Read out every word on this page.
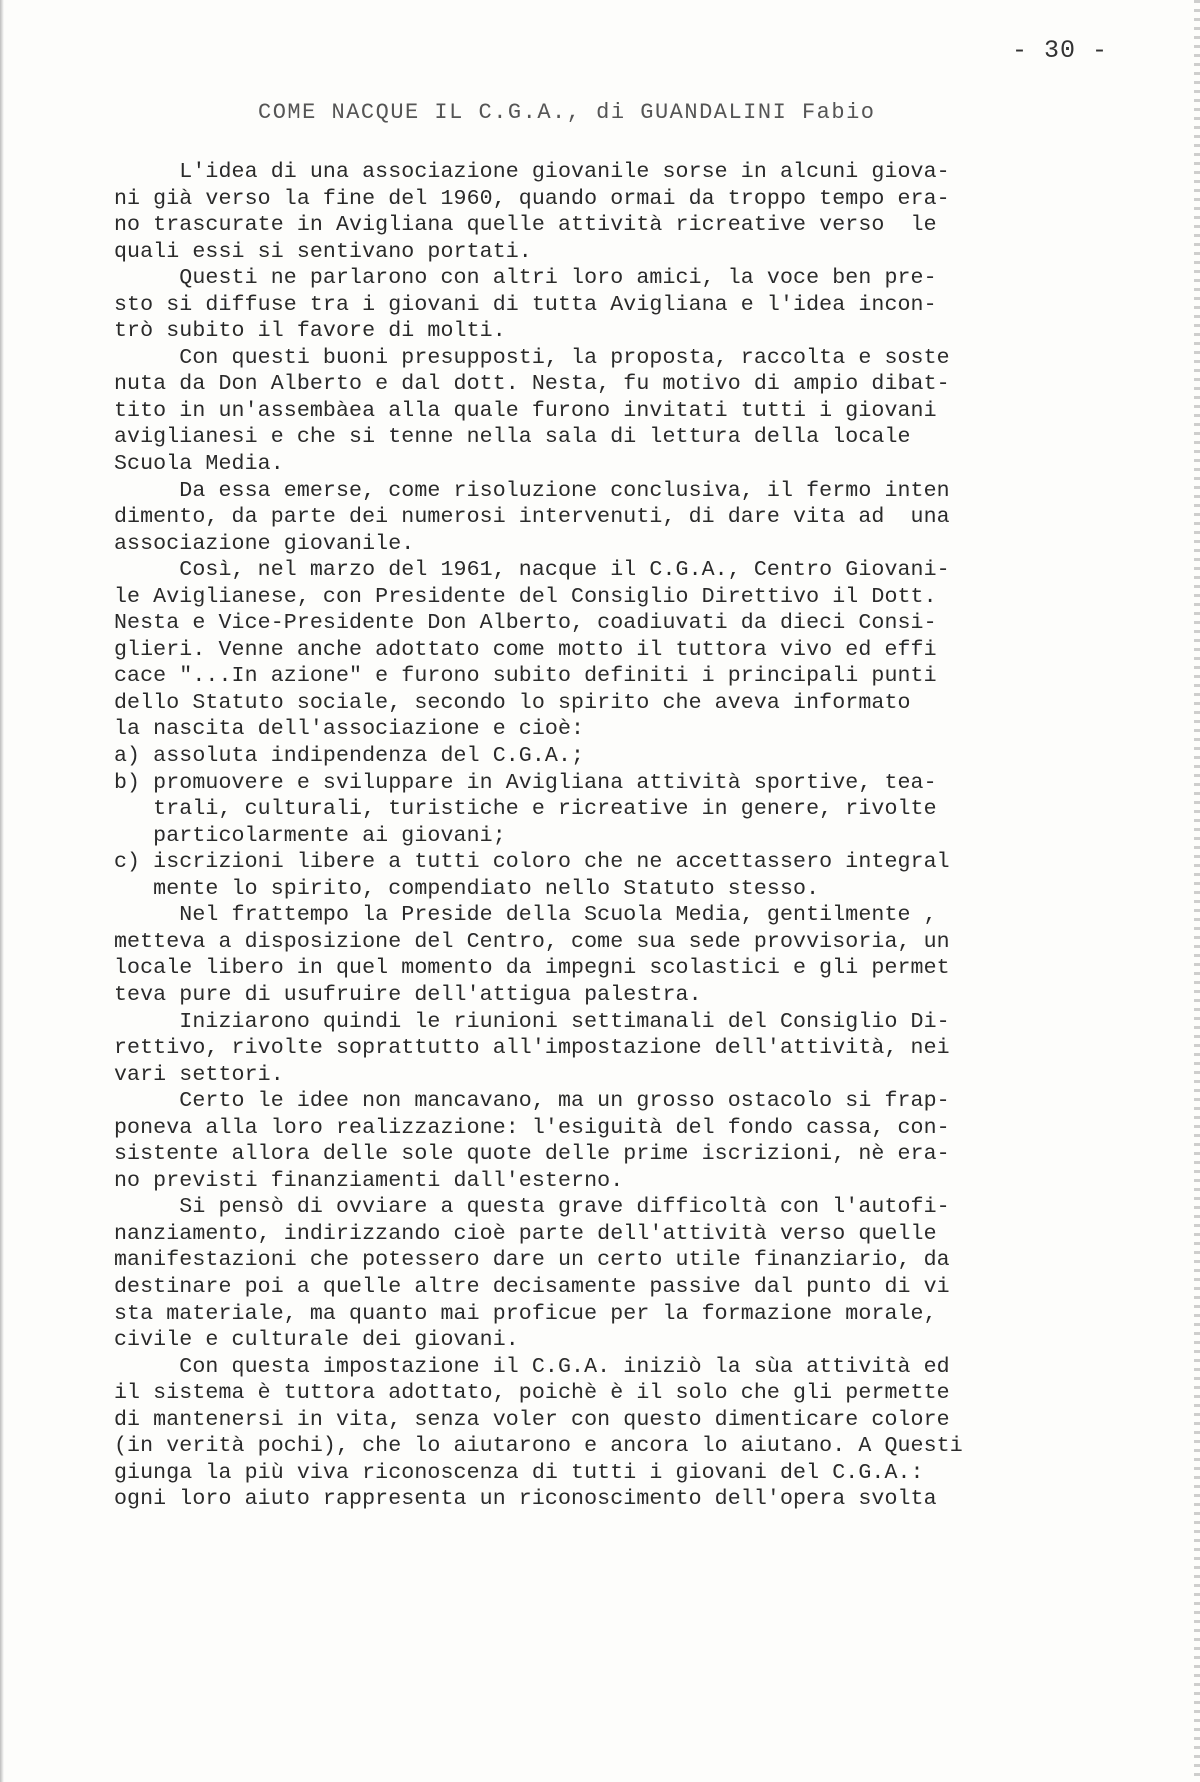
- 30 -
COME NACQUE IL C.G.A., di GUANDALINI Fabio
L'idea di una associazione giovanile sorse in alcuni giova-
ni già verso la fine del 1960, quando ormai da troppo tempo era-
no trascurate in Avigliana quelle attività ricreative verso  le
quali essi si sentivano portati.
Questi ne parlarono con altri loro amici, la voce ben pre-
sto si diffuse tra i giovani di tutta Avigliana e l'idea incon-
trò subito il favore di molti.
Con questi buoni presupposti, la proposta, raccolta e soste
nuta da Don Alberto e dal dott. Nesta, fu motivo di ampio dibat-
tito in un'assembàea alla quale furono invitati tutti i giovani
aviglianesi e che si tenne nella sala di lettura della locale
Scuola Media.
Da essa emerse, come risoluzione conclusiva, il fermo inten
dimento, da parte dei numerosi intervenuti, di dare vita ad  una
associazione giovanile.
Così, nel marzo del 1961, nacque il C.G.A., Centro Giovani-
le Aviglianese, con Presidente del Consiglio Direttivo il Dott.
Nesta e Vice-Presidente Don Alberto, coadiuvati da dieci Consi-
glieri. Venne anche adottato come motto il tuttora vivo ed effi
cace "...In azione" e furono subito definiti i principali punti
dello Statuto sociale, secondo lo spirito che aveva informato
la nascita dell'associazione e cioè:
a) assoluta indipendenza del C.G.A.;
b) promuovere e sviluppare in Avigliana attività sportive, tea-
trali, culturali, turistiche e ricreative in genere, rivolte
particolarmente ai giovani;
c) iscrizioni libere a tutti coloro che ne accettassero integral
mente lo spirito, compendiato nello Statuto stesso.
Nel frattempo la Preside della Scuola Media, gentilmente ,
metteva a disposizione del Centro, come sua sede provvisoria, un
locale libero in quel momento da impegni scolastici e gli permet
teva pure di usufruire dell'attigua palestra.
Iniziarono quindi le riunioni settimanali del Consiglio Di-
rettivo, rivolte soprattutto all'impostazione dell'attività, nei
vari settori.
Certo le idee non mancavano, ma un grosso ostacolo si frap-
poneva alla loro realizzazione: l'esiguità del fondo cassa, con-
sistente allora delle sole quote delle prime iscrizioni, nè era-
no previsti finanziamenti dall'esterno.
Si pensò di ovviare a questa grave difficoltà con l'autofi-
nanziamento, indirizzando cioè parte dell'attività verso quelle
manifestazioni che potessero dare un certo utile finanziario, da
destinare poi a quelle altre decisamente passive dal punto di vi
sta materiale, ma quanto mai proficue per la formazione morale,
civile e culturale dei giovani.
Con questa impostazione il C.G.A. iniziò la sùa attività ed
il sistema è tuttora adottato, poichè è il solo che gli permette
di mantenersi in vita, senza voler con questo dimenticare colore
(in verità pochi), che lo aiutarono e ancora lo aiutano. A Questi
giunga la più viva riconoscenza di tutti i giovani del C.G.A.:
ogni loro aiuto rappresenta un riconoscimento dell'opera svolta
